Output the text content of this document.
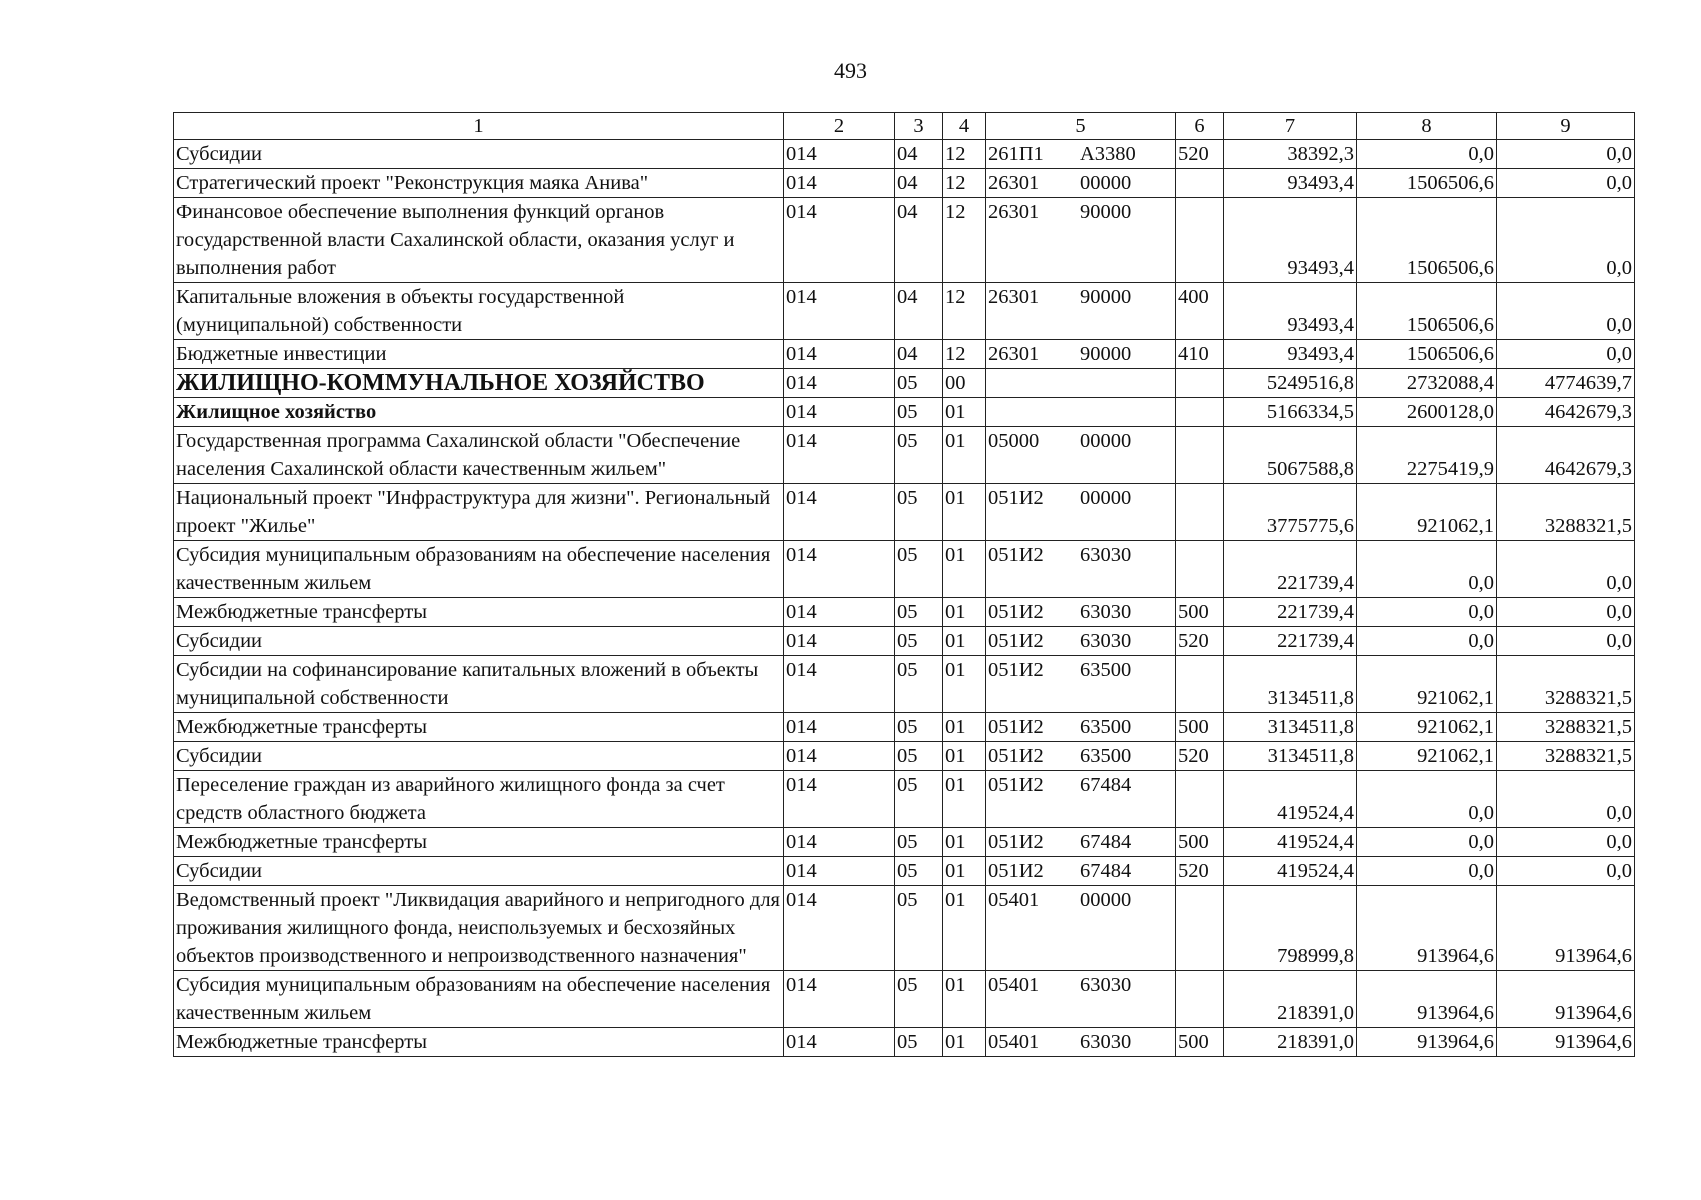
493
1	2	3	4	5	6	7	8	9
Субсидии	014	04	12	261П1 А3380	520	38392,3	0,0	0,0
Стратегический проект "Реконструкция маяка Анива"	014	04	12	26301 00000		93493,4	1506506,6	0,0
Финансовое обеспечение выполнения функций органов государственной власти Сахалинской области, оказания услуг и выполнения работ	014	04	12	26301 90000		93493,4	1506506,6	0,0
Капитальные вложения в объекты государственной (муниципальной) собственности	014	04	12	26301 90000	400	93493,4	1506506,6	0,0
Бюджетные инвестиции	014	04	12	26301 90000	410	93493,4	1506506,6	0,0
ЖИЛИЩНО-КОММУНАЛЬНОЕ ХОЗЯЙСТВО	014	05	00			5249516,8	2732088,4	4774639,7
Жилищное хозяйство	014	05	01			5166334,5	2600128,0	4642679,3
Государственная программа Сахалинской области "Обеспечение населения Сахалинской области качественным жильем"	014	05	01	05000 00000		5067588,8	2275419,9	4642679,3
Национальный проект "Инфраструктура для жизни". Региональный проект "Жилье"	014	05	01	051И2 00000		3775775,6	921062,1	3288321,5
Субсидия муниципальным образованиям на обеспечение населения качественным жильем	014	05	01	051И2 63030		221739,4	0,0	0,0
Межбюджетные трансферты	014	05	01	051И2 63030	500	221739,4	0,0	0,0
Субсидии	014	05	01	051И2 63030	520	221739,4	0,0	0,0
Субсидии на софинансирование капитальных вложений в объекты муниципальной собственности	014	05	01	051И2 63500		3134511,8	921062,1	3288321,5
Межбюджетные трансферты	014	05	01	051И2 63500	500	3134511,8	921062,1	3288321,5
Субсидии	014	05	01	051И2 63500	520	3134511,8	921062,1	3288321,5
Переселение граждан из аварийного жилищного фонда за счет средств областного бюджета	014	05	01	051И2 67484		419524,4	0,0	0,0
Межбюджетные трансферты	014	05	01	051И2 67484	500	419524,4	0,0	0,0
Субсидии	014	05	01	051И2 67484	520	419524,4	0,0	0,0
Ведомственный проект "Ликвидация аварийного и непригодного для проживания жилищного фонда, неиспользуемых и бесхозяйных объектов производственного и непроизводственного назначения"	014	05	01	05401 00000		798999,8	913964,6	913964,6
Субсидия муниципальным образованиям на обеспечение населения качественным жильем	014	05	01	05401 63030		218391,0	913964,6	913964,6
Межбюджетные трансферты	014	05	01	05401 63030	500	218391,0	913964,6	913964,6
